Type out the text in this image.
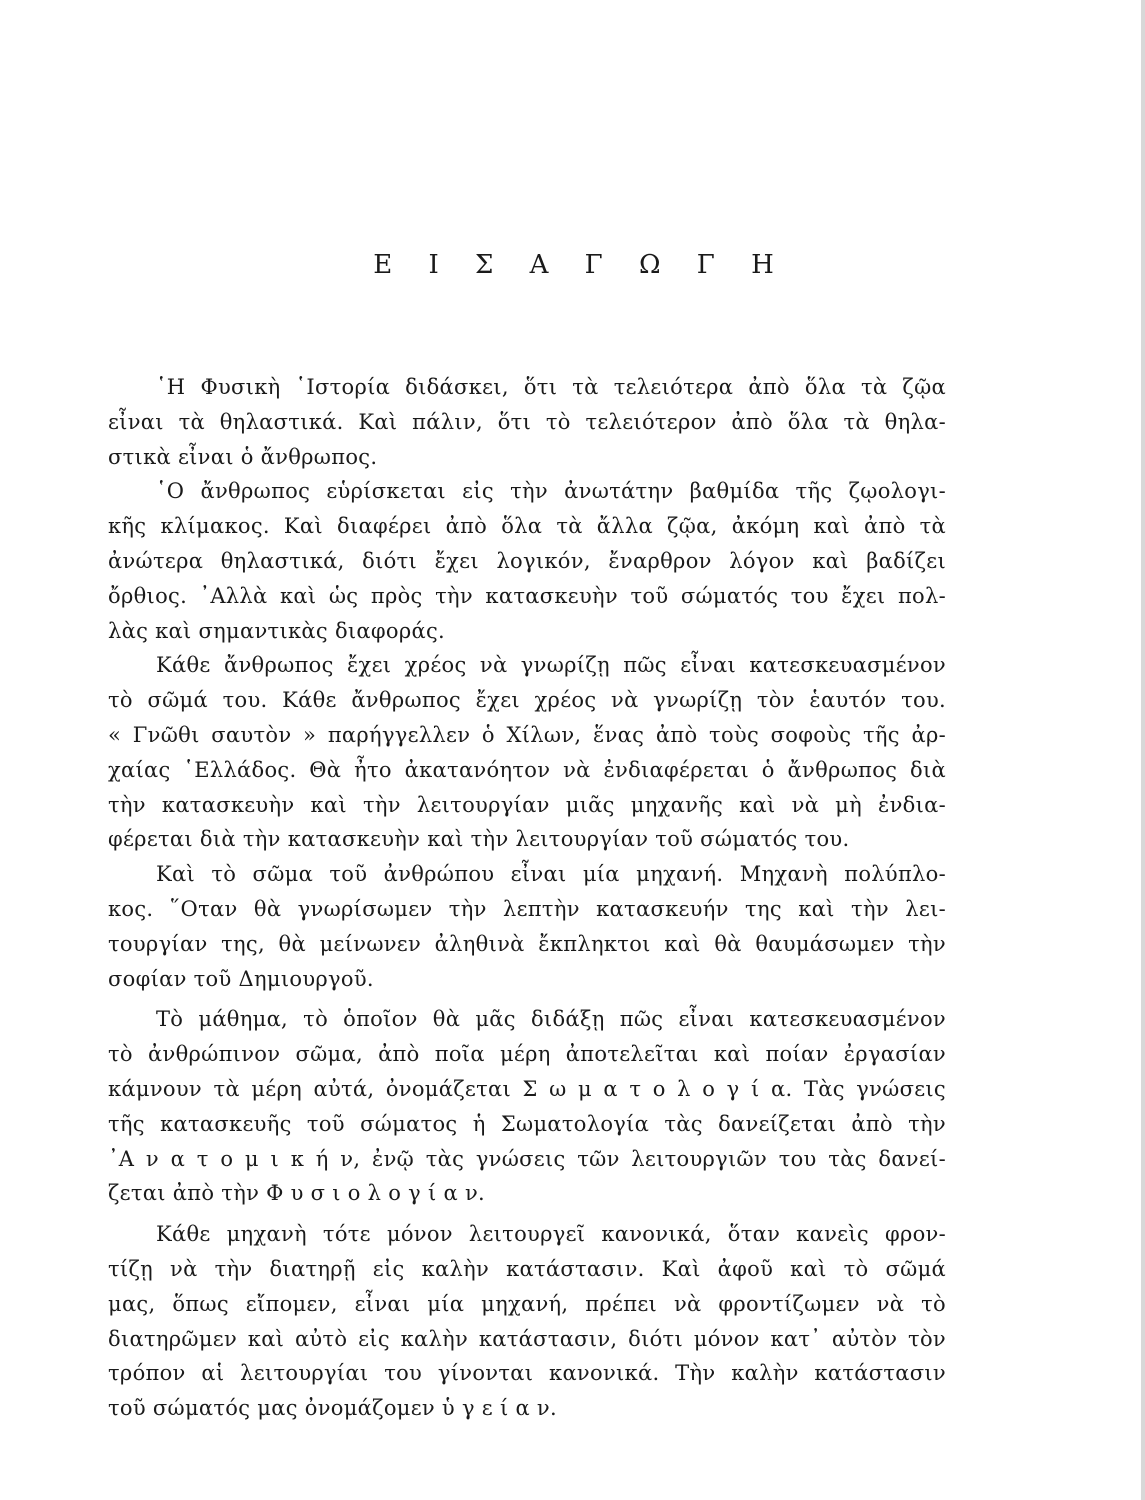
Ε Ι Σ Α Γ Ω Γ Η
῾Η Φυσικὴ ῾Ιστορία διδάσκει, ὅτι τὰ τελειότερα ἀπὸ ὅλα τὰ ζῷα
εἶναι τὰ θηλαστικά. Καὶ πάλιν, ὅτι τὸ τελειότερον ἀπὸ ὅλα τὰ θηλα-
στικὰ εἶναι ὁ ἄνθρωπος.
῾Ο ἄνθρωπος εὑρίσκεται εἰς τὴν ἀνωτάτην βαθμίδα τῆς ζῳολογι-
κῆς κλίμακος. Καὶ διαφέρει ἀπὸ ὅλα τὰ ἄλλα ζῷα, ἀκόμη καὶ ἀπὸ τὰ
ἀνώτερα θηλαστικά, διότι ἔχει λογικόν, ἔναρθρον λόγον καὶ βαδίζει
ὄρθιος. ᾿Αλλὰ καὶ ὡς πρὸς τὴν κατασκευὴν τοῦ σώματός του ἔχει πολ-
λὰς καὶ σημαντικὰς διαφοράς.
Κάθε ἄνθρωπος ἔχει χρέος νὰ γνωρίζῃ πῶς εἶναι κατεσκευασμένον
τὸ σῶμά του. Κάθε ἄνθρωπος ἔχει χρέος νὰ γνωρίζῃ τὸν ἑαυτόν του.
« Γνῶθι σαυτὸν » παρήγγελλεν ὁ Χίλων, ἕνας ἀπὸ τοὺς σοφοὺς τῆς ἀρ-
χαίας ῾Ελλάδος. Θὰ ἦτο ἀκατανόητον νὰ ἐνδιαφέρεται ὁ ἄνθρωπος διὰ
τὴν κατασκευὴν καὶ τὴν λειτουργίαν μιᾶς μηχανῆς καὶ νὰ μὴ ἐνδια-
φέρεται διὰ τὴν κατασκευὴν καὶ τὴν λειτουργίαν τοῦ σώματός του.
Καὶ τὸ σῶμα τοῦ ἀνθρώπου εἶναι μία μηχανή. Μηχανὴ πολύπλο-
κος. ῞Οταν θὰ γνωρίσωμεν τὴν λεπτὴν κατασκευήν της καὶ τὴν λει-
τουργίαν της, θὰ μείνωνεν ἀληθινὰ ἔκπληκτοι καὶ θὰ θαυμάσωμεν τὴν
σοφίαν τοῦ Δημιουργοῦ.
Τὸ μάθημα, τὸ ὁποῖον θὰ μᾶς διδάξῃ πῶς εἶναι κατεσκευασμένον
τὸ ἀνθρώπινον σῶμα, ἀπὸ ποῖα μέρη ἀποτελεῖται καὶ ποίαν ἐργασίαν
κάμνουν τὰ μέρη αὐτά, ὀνομάζεται Σ ω μ α τ ο λ ο γ ί α. Τὰς γνώσεις
τῆς κατασκευῆς τοῦ σώματος ἡ Σωματολογία τὰς δανείζεται ἀπὸ τὴν
᾿Α ν α τ ο μ ι κ ή ν, ἐνῷ τὰς γνώσεις τῶν λειτουργιῶν του τὰς δανεί-
ζεται ἀπὸ τὴν Φ υ σ ι ο λ ο γ ί α ν.
Κάθε μηχανὴ τότε μόνον λειτουργεῖ κανονικά, ὅταν κανεὶς φρον-
τίζῃ νὰ τὴν διατηρῇ εἰς καλὴν κατάστασιν. Καὶ ἀφοῦ καὶ τὸ σῶμά
μας, ὅπως εἴπομεν, εἶναι μία μηχανή, πρέπει νὰ φροντίζωμεν νὰ τὸ
διατηρῶμεν καὶ αὐτὸ εἰς καλὴν κατάστασιν, διότι μόνον κατ᾿ αὐτὸν τὸν
τρόπον αἱ λειτουργίαι του γίνονται κανονικά. Τὴν καλὴν κατάστασιν
τοῦ σώματός μας ὀνομάζομεν ὑ γ ε ί α ν.
